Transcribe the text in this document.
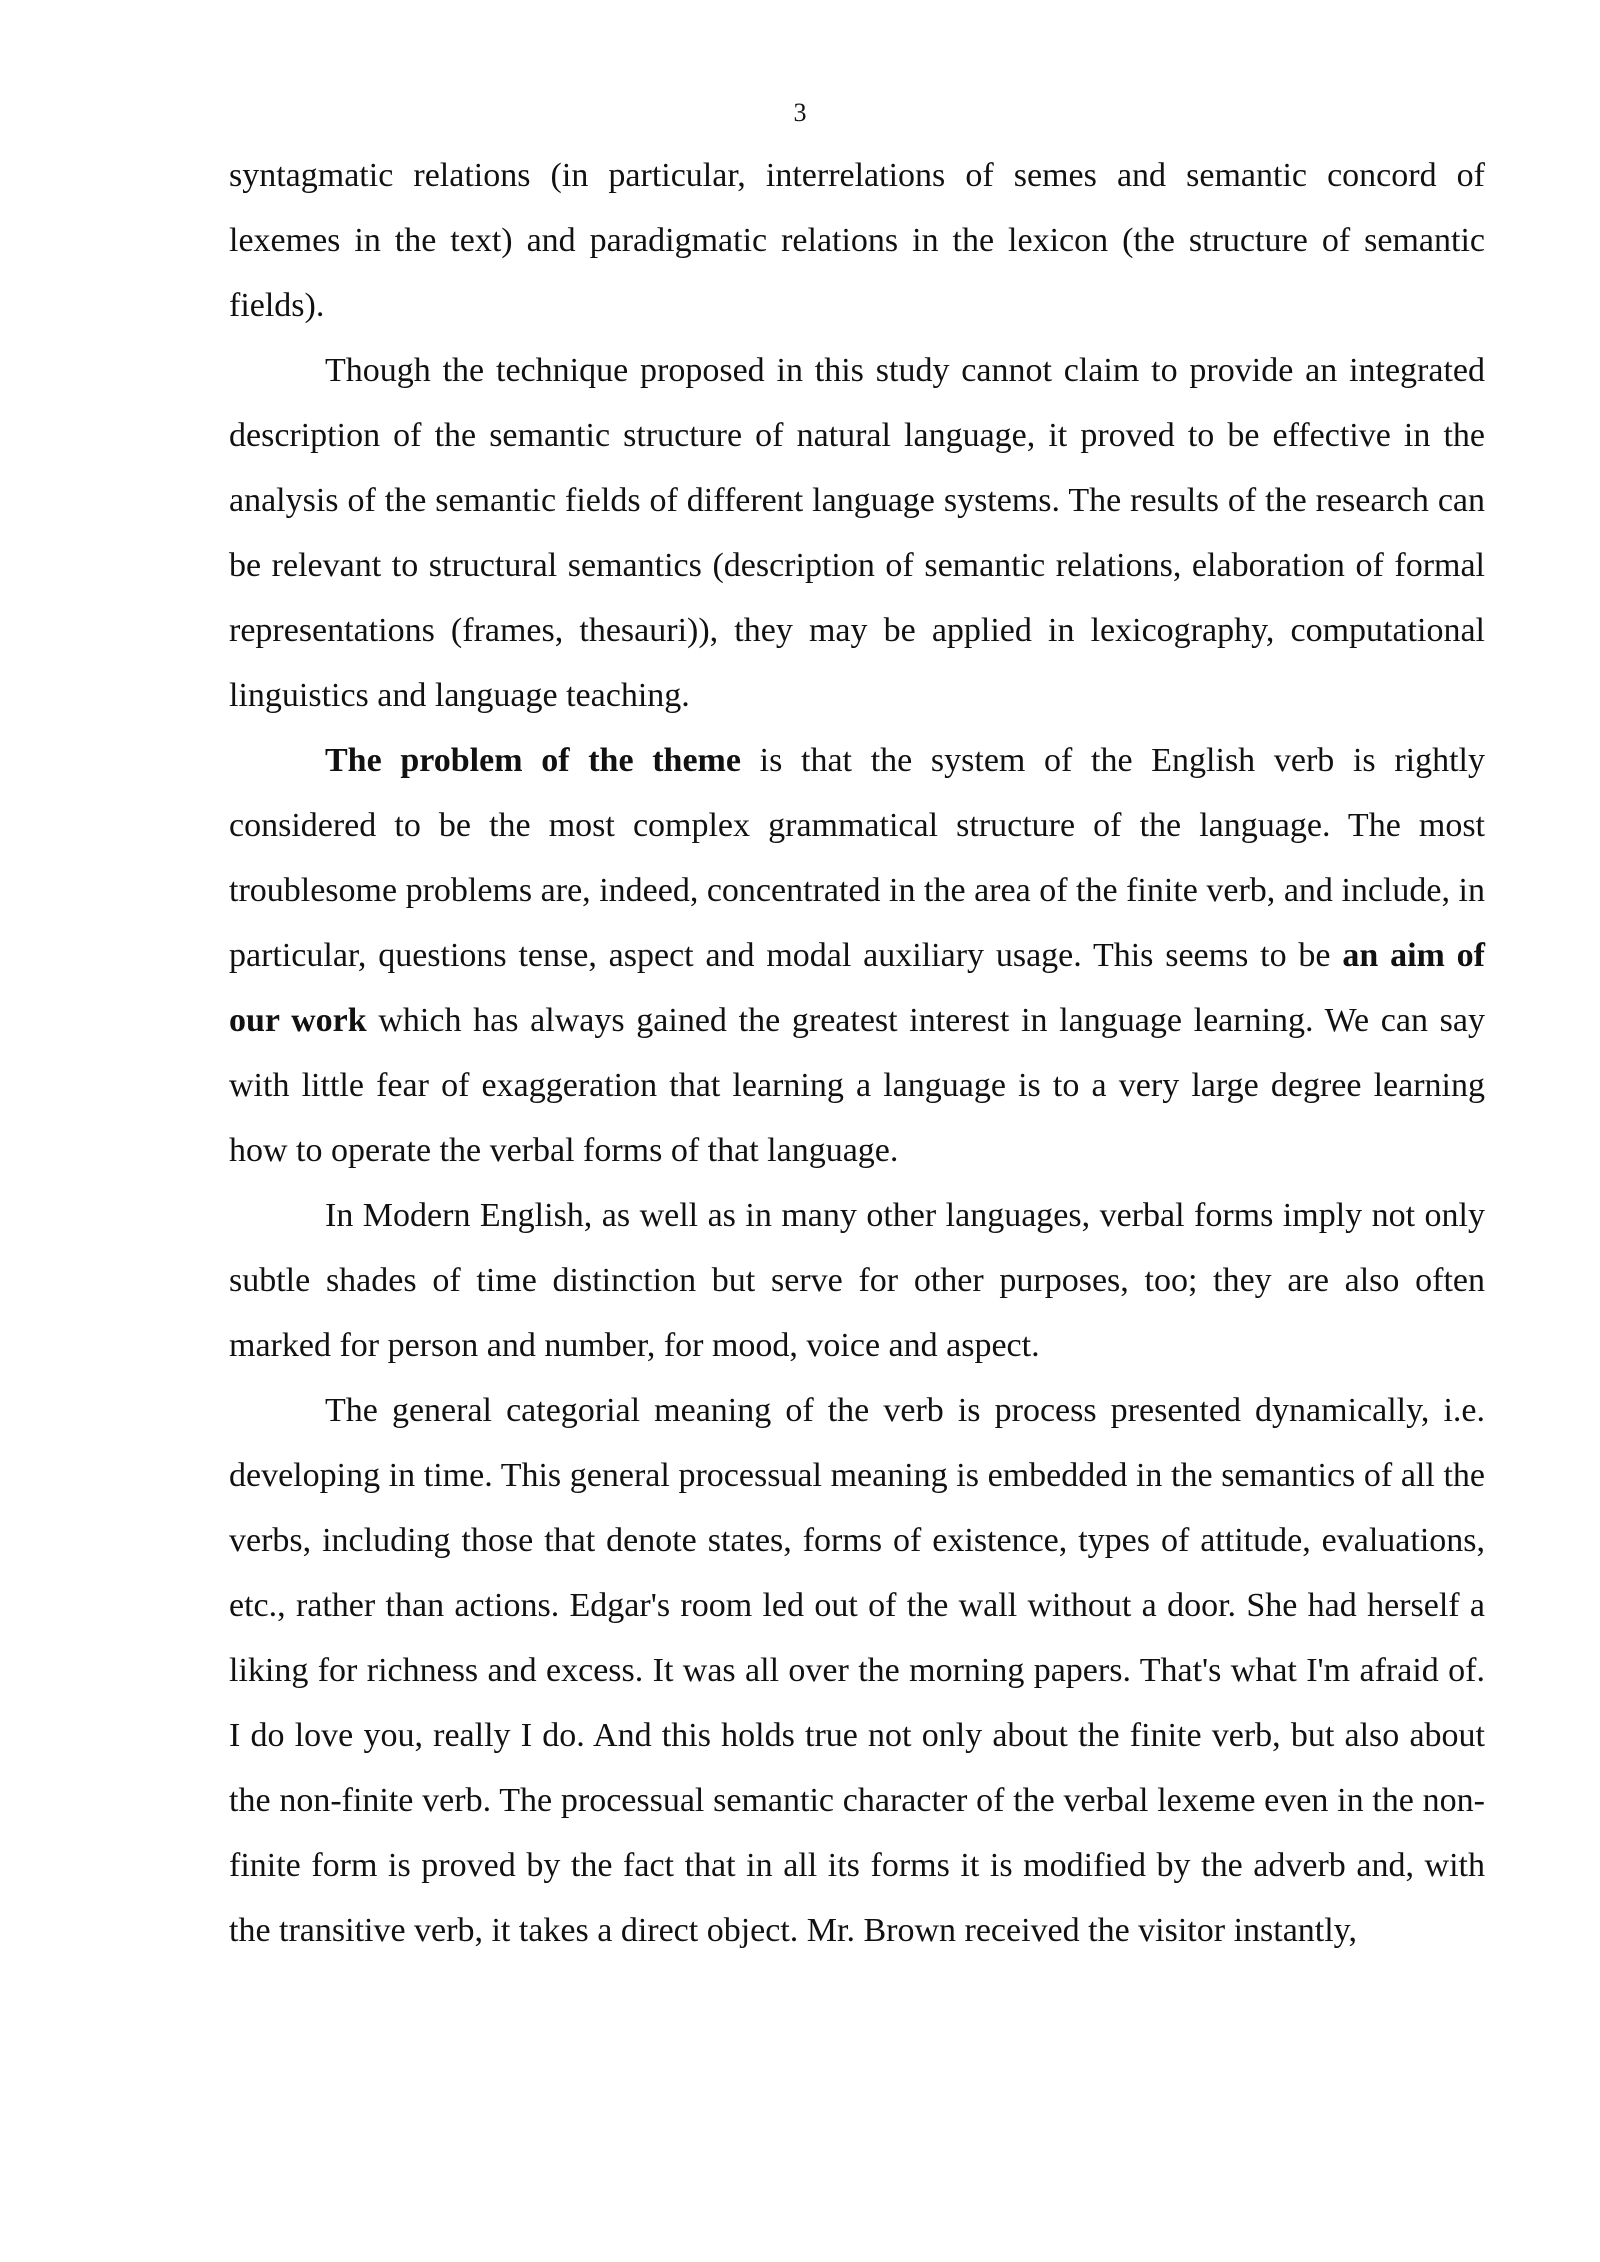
3

syntagmatic relations (in particular, interrelations of semes and semantic concord of lexemes in the text) and paradigmatic relations in the lexicon (the structure of semantic fields).

Though the technique proposed in this study cannot claim to provide an integrated description of the semantic structure of natural language, it proved to be effective in the analysis of the semantic fields of different language systems. The results of the research can be relevant to structural semantics (description of semantic relations, elaboration of formal representations (frames, thesauri)), they may be applied in lexicography, computational linguistics and language teaching.

The problem of the theme is that the system of the English verb is rightly considered to be the most complex grammatical structure of the language. The most troublesome problems are, indeed, concentrated in the area of the finite verb, and include, in particular, questions tense, aspect and modal auxiliary usage. This seems to be an aim of our work which has always gained the greatest interest in language learning. We can say with little fear of exaggeration that learning a language is to a very large degree learning how to operate the verbal forms of that language.

In Modern English, as well as in many other languages, verbal forms imply not only subtle shades of time distinction but serve for other purposes, too; they are also often marked for person and number, for mood, voice and aspect.

The general categorial meaning of the verb is process presented dynamically, i.e. developing in time. This general processual meaning is embedded in the semantics of all the verbs, including those that denote states, forms of existence, types of attitude, evaluations, etc., rather than actions. Edgar's room led out of the wall without a door. She had herself a liking for richness and excess. It was all over the morning papers. That's what I'm afraid of. I do love you, really I do. And this holds true not only about the finite verb, but also about the non-finite verb. The processual semantic character of the verbal lexeme even in the non-finite form is proved by the fact that in all its forms it is modified by the adverb and, with the transitive verb, it takes a direct object. Mr. Brown received the visitor instantly,
